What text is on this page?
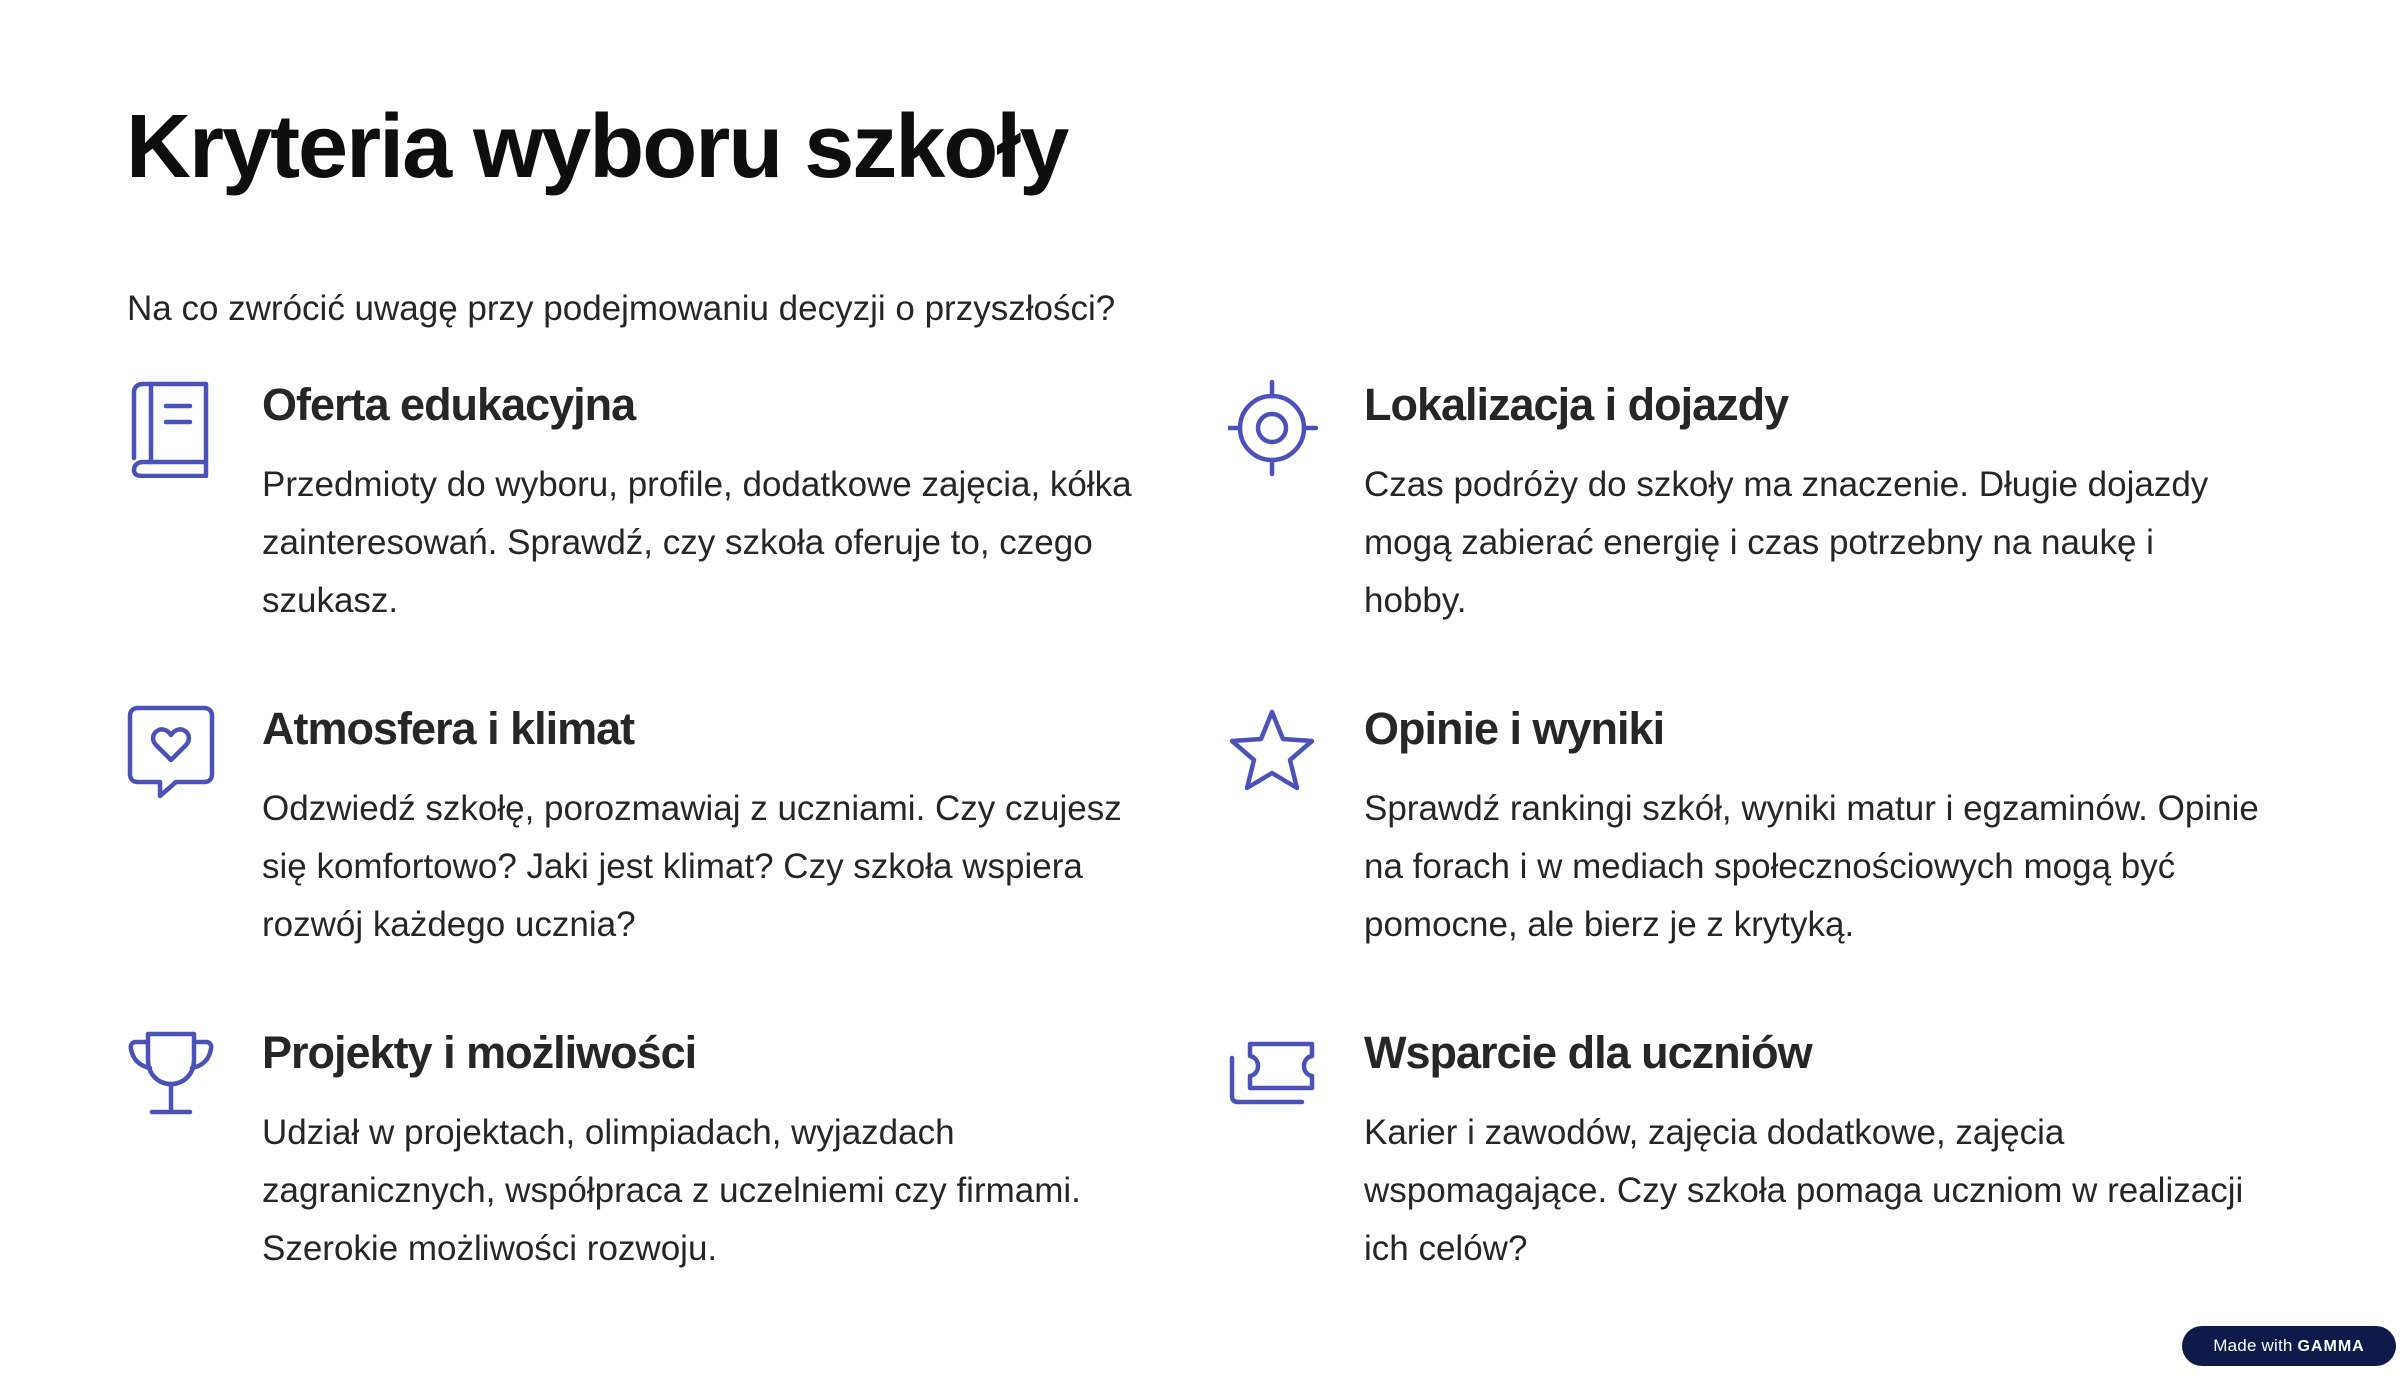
Kryteria wyboru szkoły

Na co zwrócić uwagę przy podejmowaniu decyzji o przyszłości?

Oferta edukacyjna

Przedmioty do wyboru, profile, dodatkowe zajęcia, kółka zainteresowań. Sprawdź, czy szkoła oferuje to, czego szukasz.

Lokalizacja i dojazdy

Czas podróży do szkoły ma znaczenie. Długie dojazdy mogą zabierać energię i czas potrzebny na naukę i hobby.

Atmosfera i klimat

Odzwiedź szkołę, porozmawiaj z uczniami. Czy czujesz się komfortowo? Jaki jest klimat? Czy szkoła wspiera rozwój każdego ucznia?

Opinie i wyniki

Sprawdź rankingi szkół, wyniki matur i egzaminów. Opinie na forach i w mediach społecznościowych mogą być pomocne, ale bierz je z krytyką.

Projekty i możliwości

Udział w projektach, olimpiadach, wyjazdach zagranicznych, współpraca z uczelniemi czy firmami. Szerokie możliwości rozwoju.

Wsparcie dla uczniów

Karier i zawodów, zajęcia dodatkowe, zajęcia wspomagające. Czy szkoła pomaga uczniom w realizacji ich celów?

Made with GAMMA
